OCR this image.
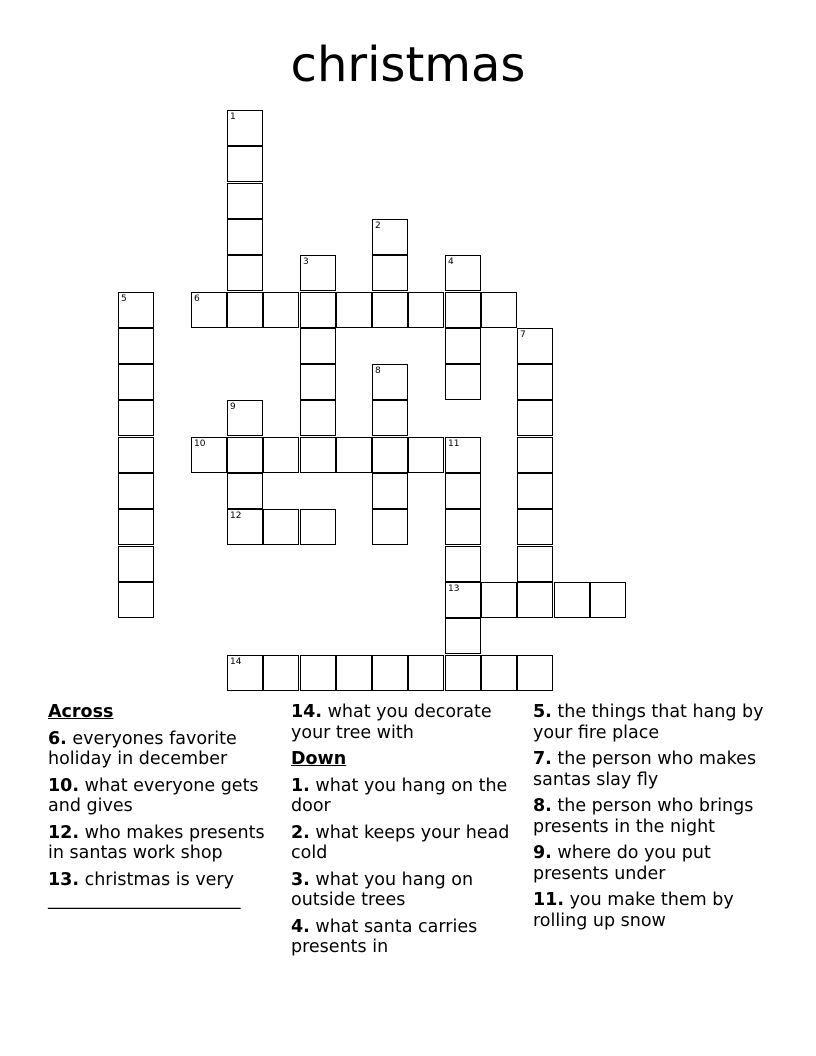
christmas
1
2
3	4
5	6
7
8
9
10	11
12
13
14
Across
6. everyones favorite holiday in december
10. what everyone gets and gives
12. who makes presents in santas work shop
13. christmas is very ______________________
14. what you decorate your tree with
Down
1. what you hang on the door
2. what keeps your head cold
3. what you hang on outside trees
4. what santa carries presents in
5. the things that hang by your fire place
7. the person who makes santas slay fly
8. the person who brings presents in the night
9. where do you put presents under
11. you make them by rolling up snow
